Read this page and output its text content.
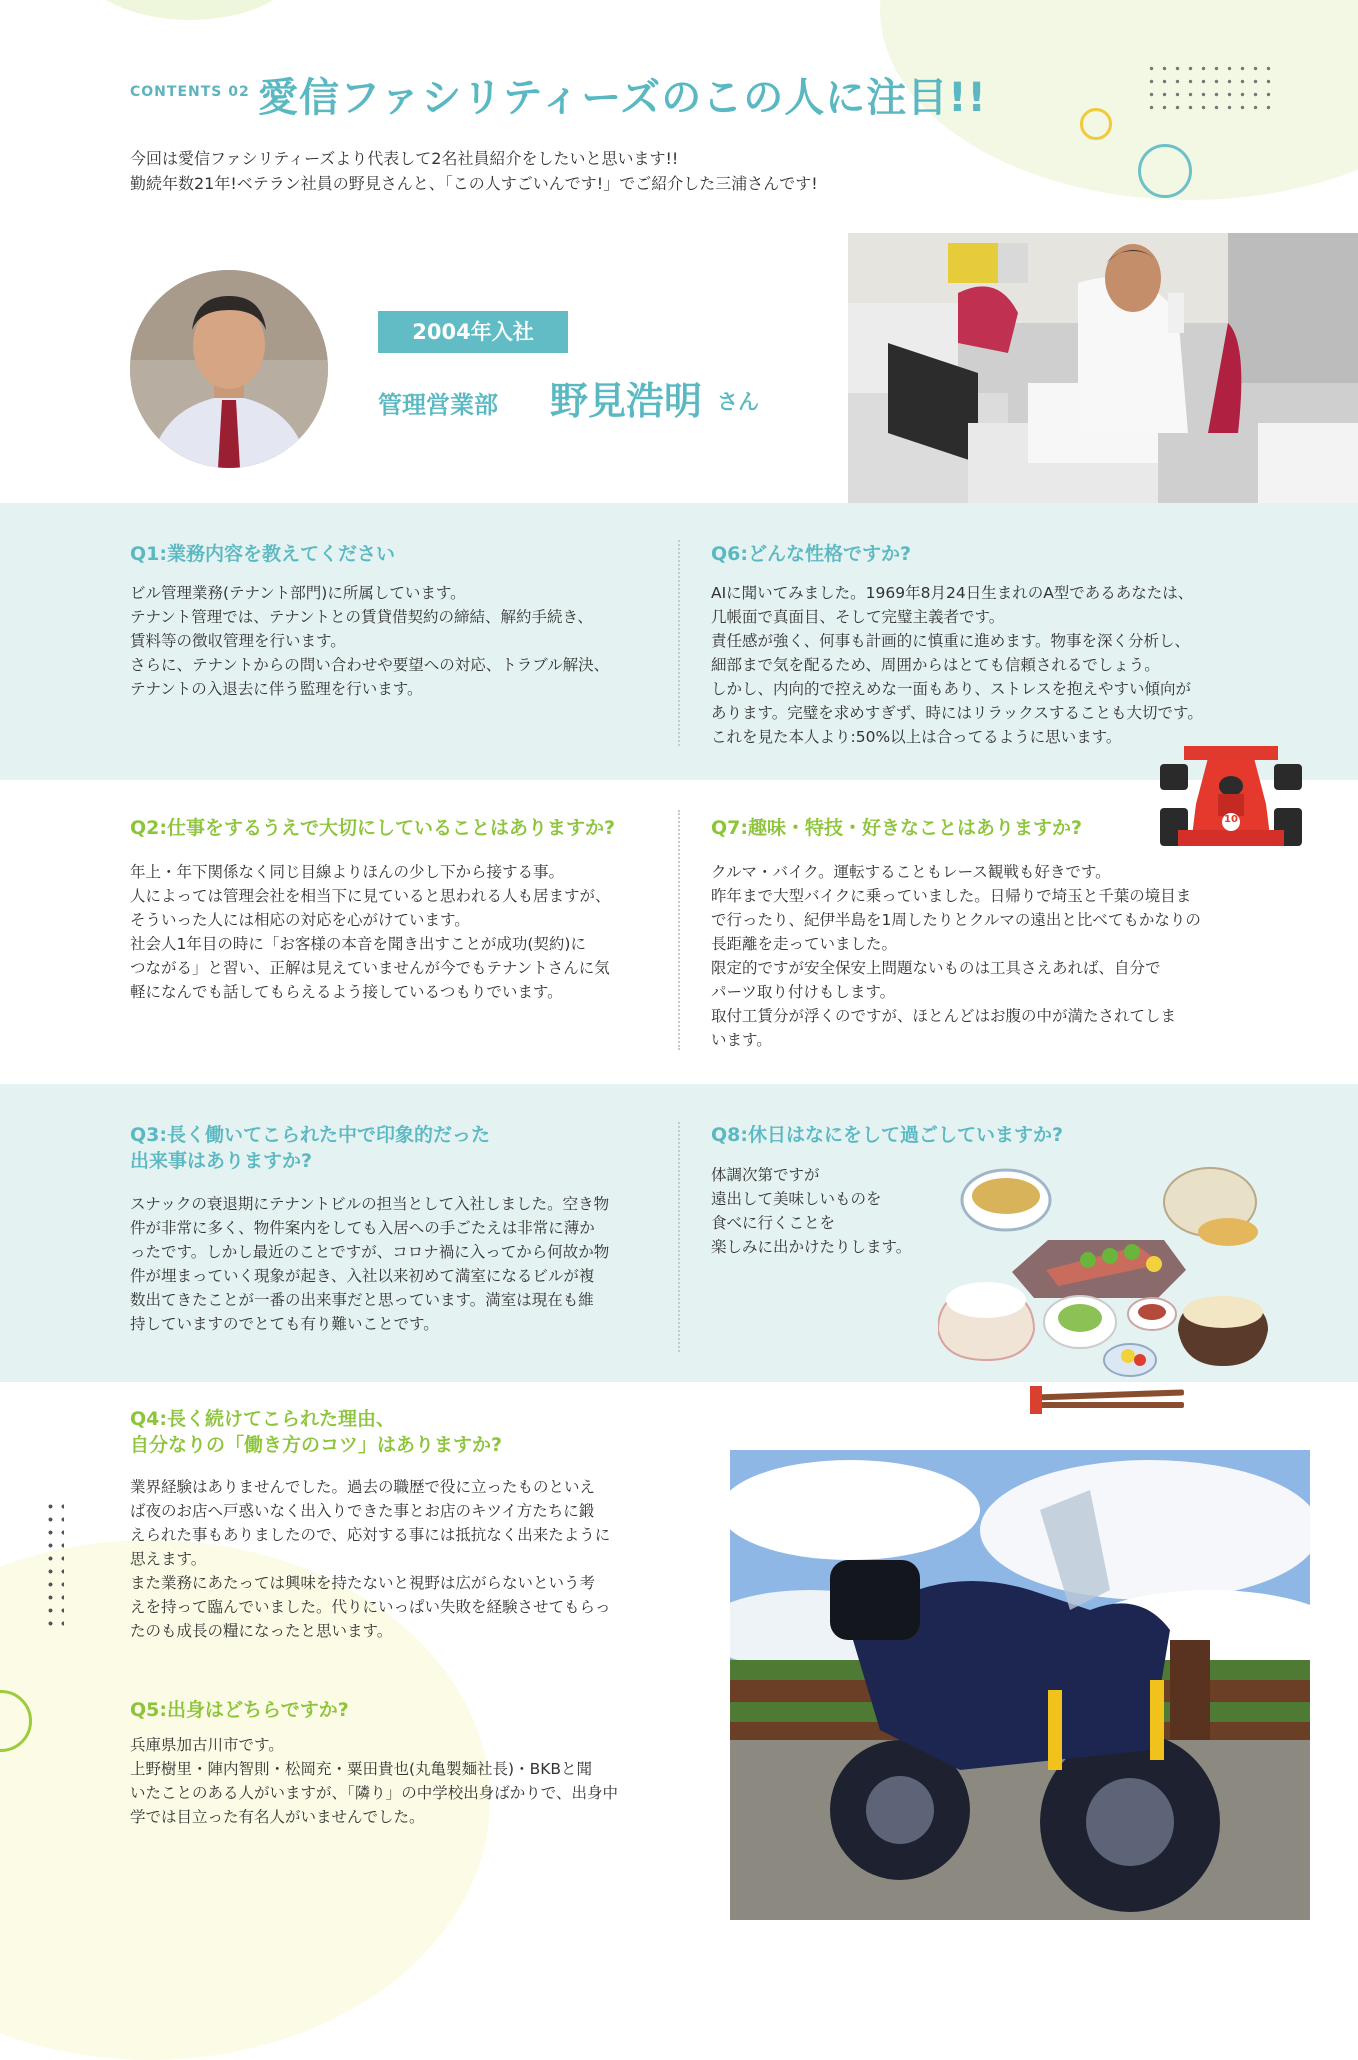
CONTENTS 02 愛信ファシリティーズのこの人に注目!!
今回は愛信ファシリティーズより代表して2名社員紹介をしたいと思います!!
勤続年数21年!ベテラン社員の野見さんと、「この人すごいんです!」でご紹介した三浦さんです!
2004年入社
管理営業部 野見浩明 さん
Q1:業務内容を教えてください
ビル管理業務(テナント部門)に所属しています。
テナント管理では、テナントとの賃貸借契約の締結、解約手続き、
賃料等の徴収管理を行います。
さらに、テナントからの問い合わせや要望への対応、トラブル解決、
テナントの入退去に伴う監理を行います。
Q6:どんな性格ですか?
AIに聞いてみました。1969年8月24日生まれのA型であるあなたは、
几帳面で真面目、そして完璧主義者です。
責任感が強く、何事も計画的に慎重に進めます。物事を深く分析し、
細部まで気を配るため、周囲からはとても信頼されるでしょう。
しかし、内向的で控えめな一面もあり、ストレスを抱えやすい傾向が
あります。完璧を求めすぎず、時にはリラックスすることも大切です。
これを見た本人より:50%以上は合ってるように思います。
10
Q2:仕事をするうえで大切にしていることはありますか?
年上・年下関係なく同じ目線よりほんの少し下から接する事。
人によっては管理会社を相当下に見ていると思われる人も居ますが、
そういった人には相応の対応を心がけています。
社会人1年目の時に「お客様の本音を聞き出すことが成功(契約)に
つながる」と習い、正解は見えていませんが今でもテナントさんに気
軽になんでも話してもらえるよう接しているつもりでいます。
Q7:趣味・特技・好きなことはありますか?
クルマ・バイク。運転することもレース観戦も好きです。
昨年まで大型バイクに乗っていました。日帰りで埼玉と千葉の境目ま
で行ったり、紀伊半島を1周したりとクルマの遠出と比べてもかなりの
長距離を走っていました。
限定的ですが安全保安上問題ないものは工具さえあれば、自分で
パーツ取り付けもします。
取付工賃分が浮くのですが、ほとんどはお腹の中が満たされてしま
います。
Q3:長く働いてこられた中で印象的だった
出来事はありますか?
スナックの衰退期にテナントビルの担当として入社しました。空き物
件が非常に多く、物件案内をしても入居への手ごたえは非常に薄か
ったです。しかし最近のことですが、コロナ禍に入ってから何故か物
件が埋まっていく現象が起き、入社以来初めて満室になるビルが複
数出てきたことが一番の出来事だと思っています。満室は現在も維
持していますのでとても有り難いことです。
Q8:休日はなにをして過ごしていますか?
体調次第ですが
遠出して美味しいものを
食べに行くことを
楽しみに出かけたりします。
Q4:長く続けてこられた理由、
自分なりの「働き方のコツ」はありますか?
業界経験はありませんでした。過去の職歴で役に立ったものといえ
ば夜のお店へ戸惑いなく出入りできた事とお店のキツイ方たちに鍛
えられた事もありましたので、応対する事には抵抗なく出来たように
思えます。
また業務にあたっては興味を持たないと視野は広がらないという考
えを持って臨んでいました。代りにいっぱい失敗を経験させてもらっ
たのも成長の糧になったと思います。
Q5:出身はどちらですか?
兵庫県加古川市です。
上野樹里・陣内智則・松岡充・粟田貴也(丸亀製麺社長)・BKBと聞
いたことのある人がいますが、「隣り」の中学校出身ばかりで、出身中
学では目立った有名人がいませんでした。
